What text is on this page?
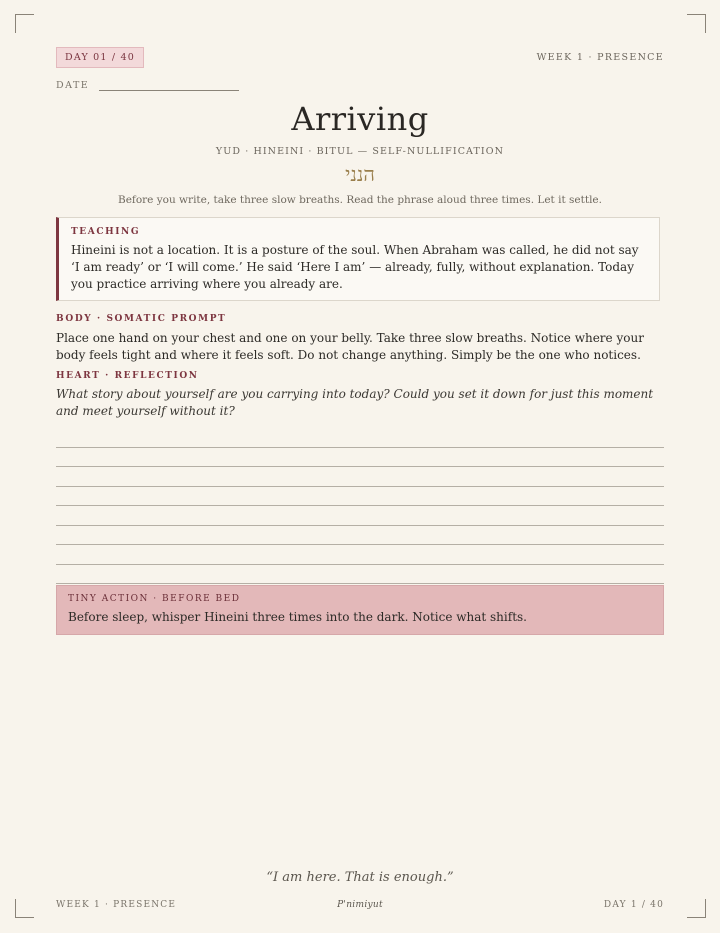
DAY 01 / 40	WEEK 1 · PRESENCE
DATE
Arriving
YUD · HINEINI · BITUL — SELF-NULLIFICATION
הנני
Before you write, take three slow breaths. Read the phrase aloud three times. Let it settle.
TEACHING
Hineini is not a location. It is a posture of the soul. When Abraham was called, he did not say ‘I am ready’ or ‘I will come.’ He said ‘Here I am’ — already, fully, without explanation. Today you practice arriving where you already are.
BODY · SOMATIC PROMPT
Place one hand on your chest and one on your belly. Take three slow breaths. Notice where your body feels tight and where it feels soft. Do not change anything. Simply be the one who notices.
HEART · REFLECTION
What story about yourself are you carrying into today? Could you set it down for just this moment and meet yourself without it?
TINY ACTION · BEFORE BED
Before sleep, whisper Hineini three times into the dark. Notice what shifts.
“I am here. That is enough.”
WEEK 1 · PRESENCE	P'nimiyut	DAY 1 / 40
